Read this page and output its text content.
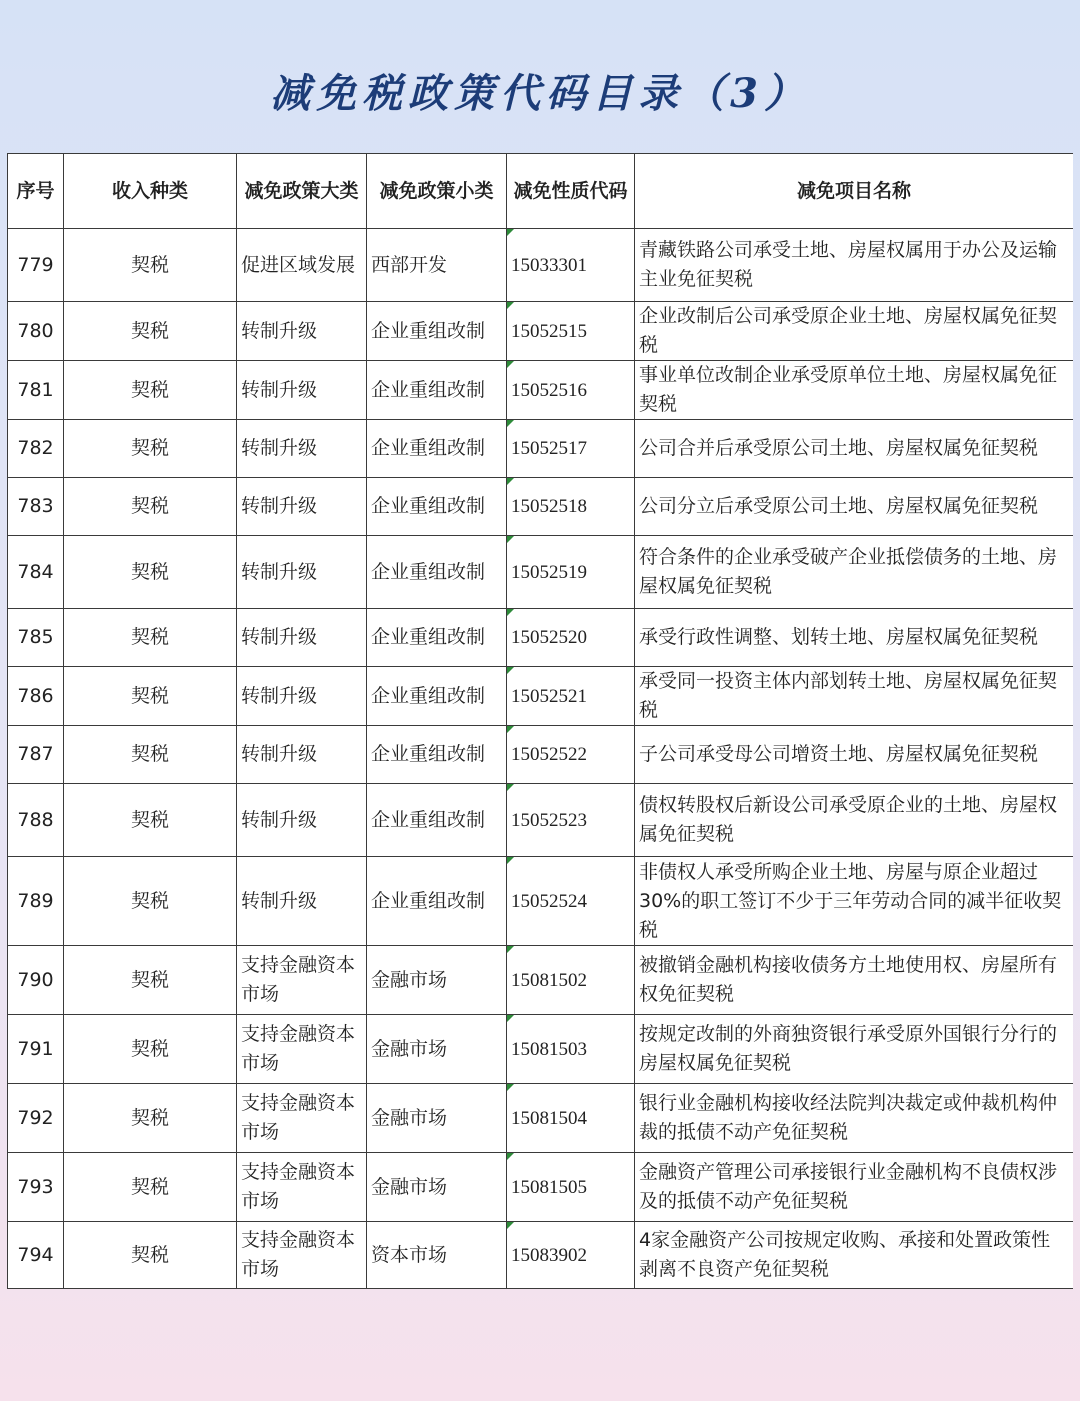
减免税政策代码目录（3）
序号	收入种类	减免政策大类	减免政策小类	减免性质代码	减免项目名称
779	契税	促进区域发展	西部开发	15033301	青藏铁路公司承受土地、房屋权属用于办公及运输主业免征契税
780	契税	转制升级	企业重组改制	15052515	企业改制后公司承受原企业土地、房屋权属免征契税
781	契税	转制升级	企业重组改制	15052516	事业单位改制企业承受原单位土地、房屋权属免征契税
782	契税	转制升级	企业重组改制	15052517	公司合并后承受原公司土地、房屋权属免征契税
783	契税	转制升级	企业重组改制	15052518	公司分立后承受原公司土地、房屋权属免征契税
784	契税	转制升级	企业重组改制	15052519	符合条件的企业承受破产企业抵偿债务的土地、房屋权属免征契税
785	契税	转制升级	企业重组改制	15052520	承受行政性调整、划转土地、房屋权属免征契税
786	契税	转制升级	企业重组改制	15052521	承受同一投资主体内部划转土地、房屋权属免征契税
787	契税	转制升级	企业重组改制	15052522	子公司承受母公司增资土地、房屋权属免征契税
788	契税	转制升级	企业重组改制	15052523	债权转股权后新设公司承受原企业的土地、房屋权属免征契税
789	契税	转制升级	企业重组改制	15052524	非债权人承受所购企业土地、房屋与原企业超过30%的职工签订不少于三年劳动合同的减半征收契税
790	契税	支持金融资本市场	金融市场	15081502	被撤销金融机构接收债务方土地使用权、房屋所有权免征契税
791	契税	支持金融资本市场	金融市场	15081503	按规定改制的外商独资银行承受原外国银行分行的房屋权属免征契税
792	契税	支持金融资本市场	金融市场	15081504	银行业金融机构接收经法院判决裁定或仲裁机构仲裁的抵债不动产免征契税
793	契税	支持金融资本市场	金融市场	15081505	金融资产管理公司承接银行业金融机构不良债权涉及的抵债不动产免征契税
794	契税	支持金融资本市场	资本市场	15083902	4家金融资产公司按规定收购、承接和处置政策性剥离不良资产免征契税
